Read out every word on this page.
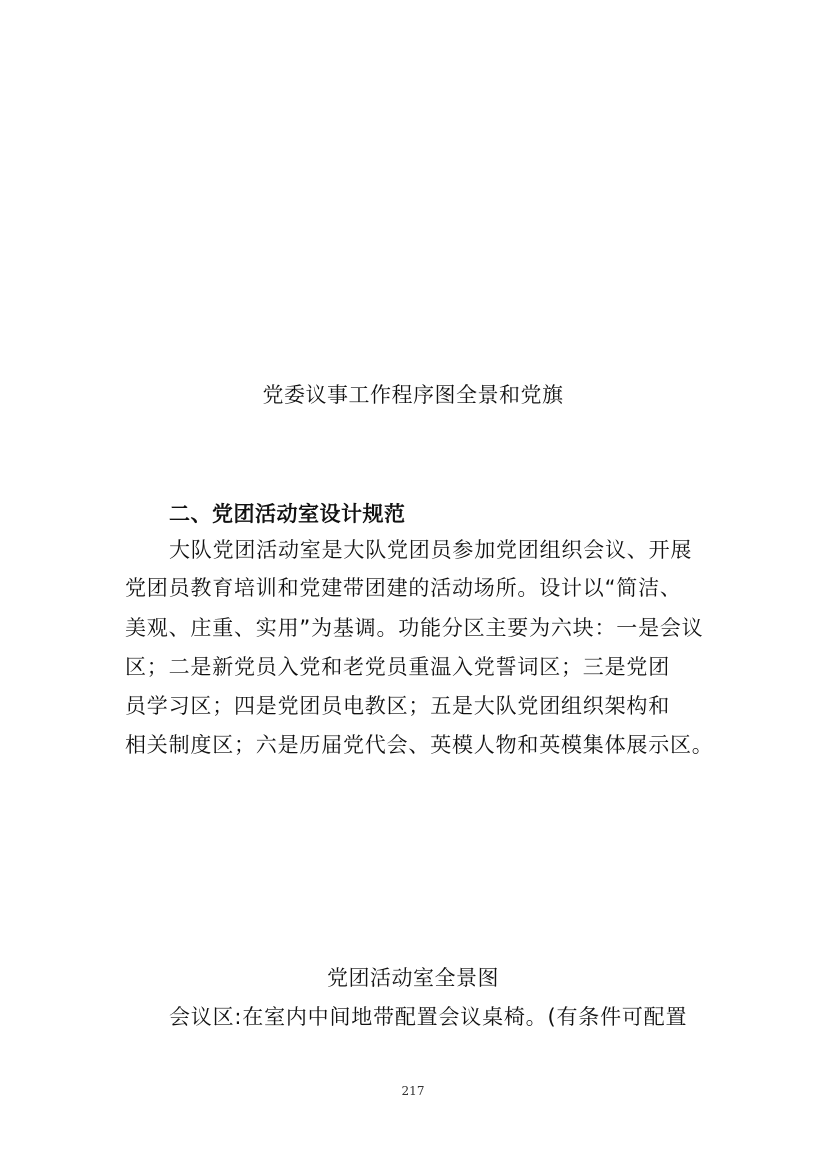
党委议事工作程序图全景和党旗
二、党团活动室设计规范
大队党团活动室是大队党团员参加党团组织会议、开展
党团员教育培训和党建带团建的活动场所。设计以“简洁、
美观、庄重、实用”为基调。功能分区主要为六块：一是会议
区；二是新党员入党和老党员重温入党誓词区；三是党团
员学习区；四是党团员电教区；五是大队党团组织架构和
相关制度区；六是历届党代会、英模人物和英模集体展示区。
党团活动室全景图
会议区:在室内中间地带配置会议桌椅。(有条件可配置
217
